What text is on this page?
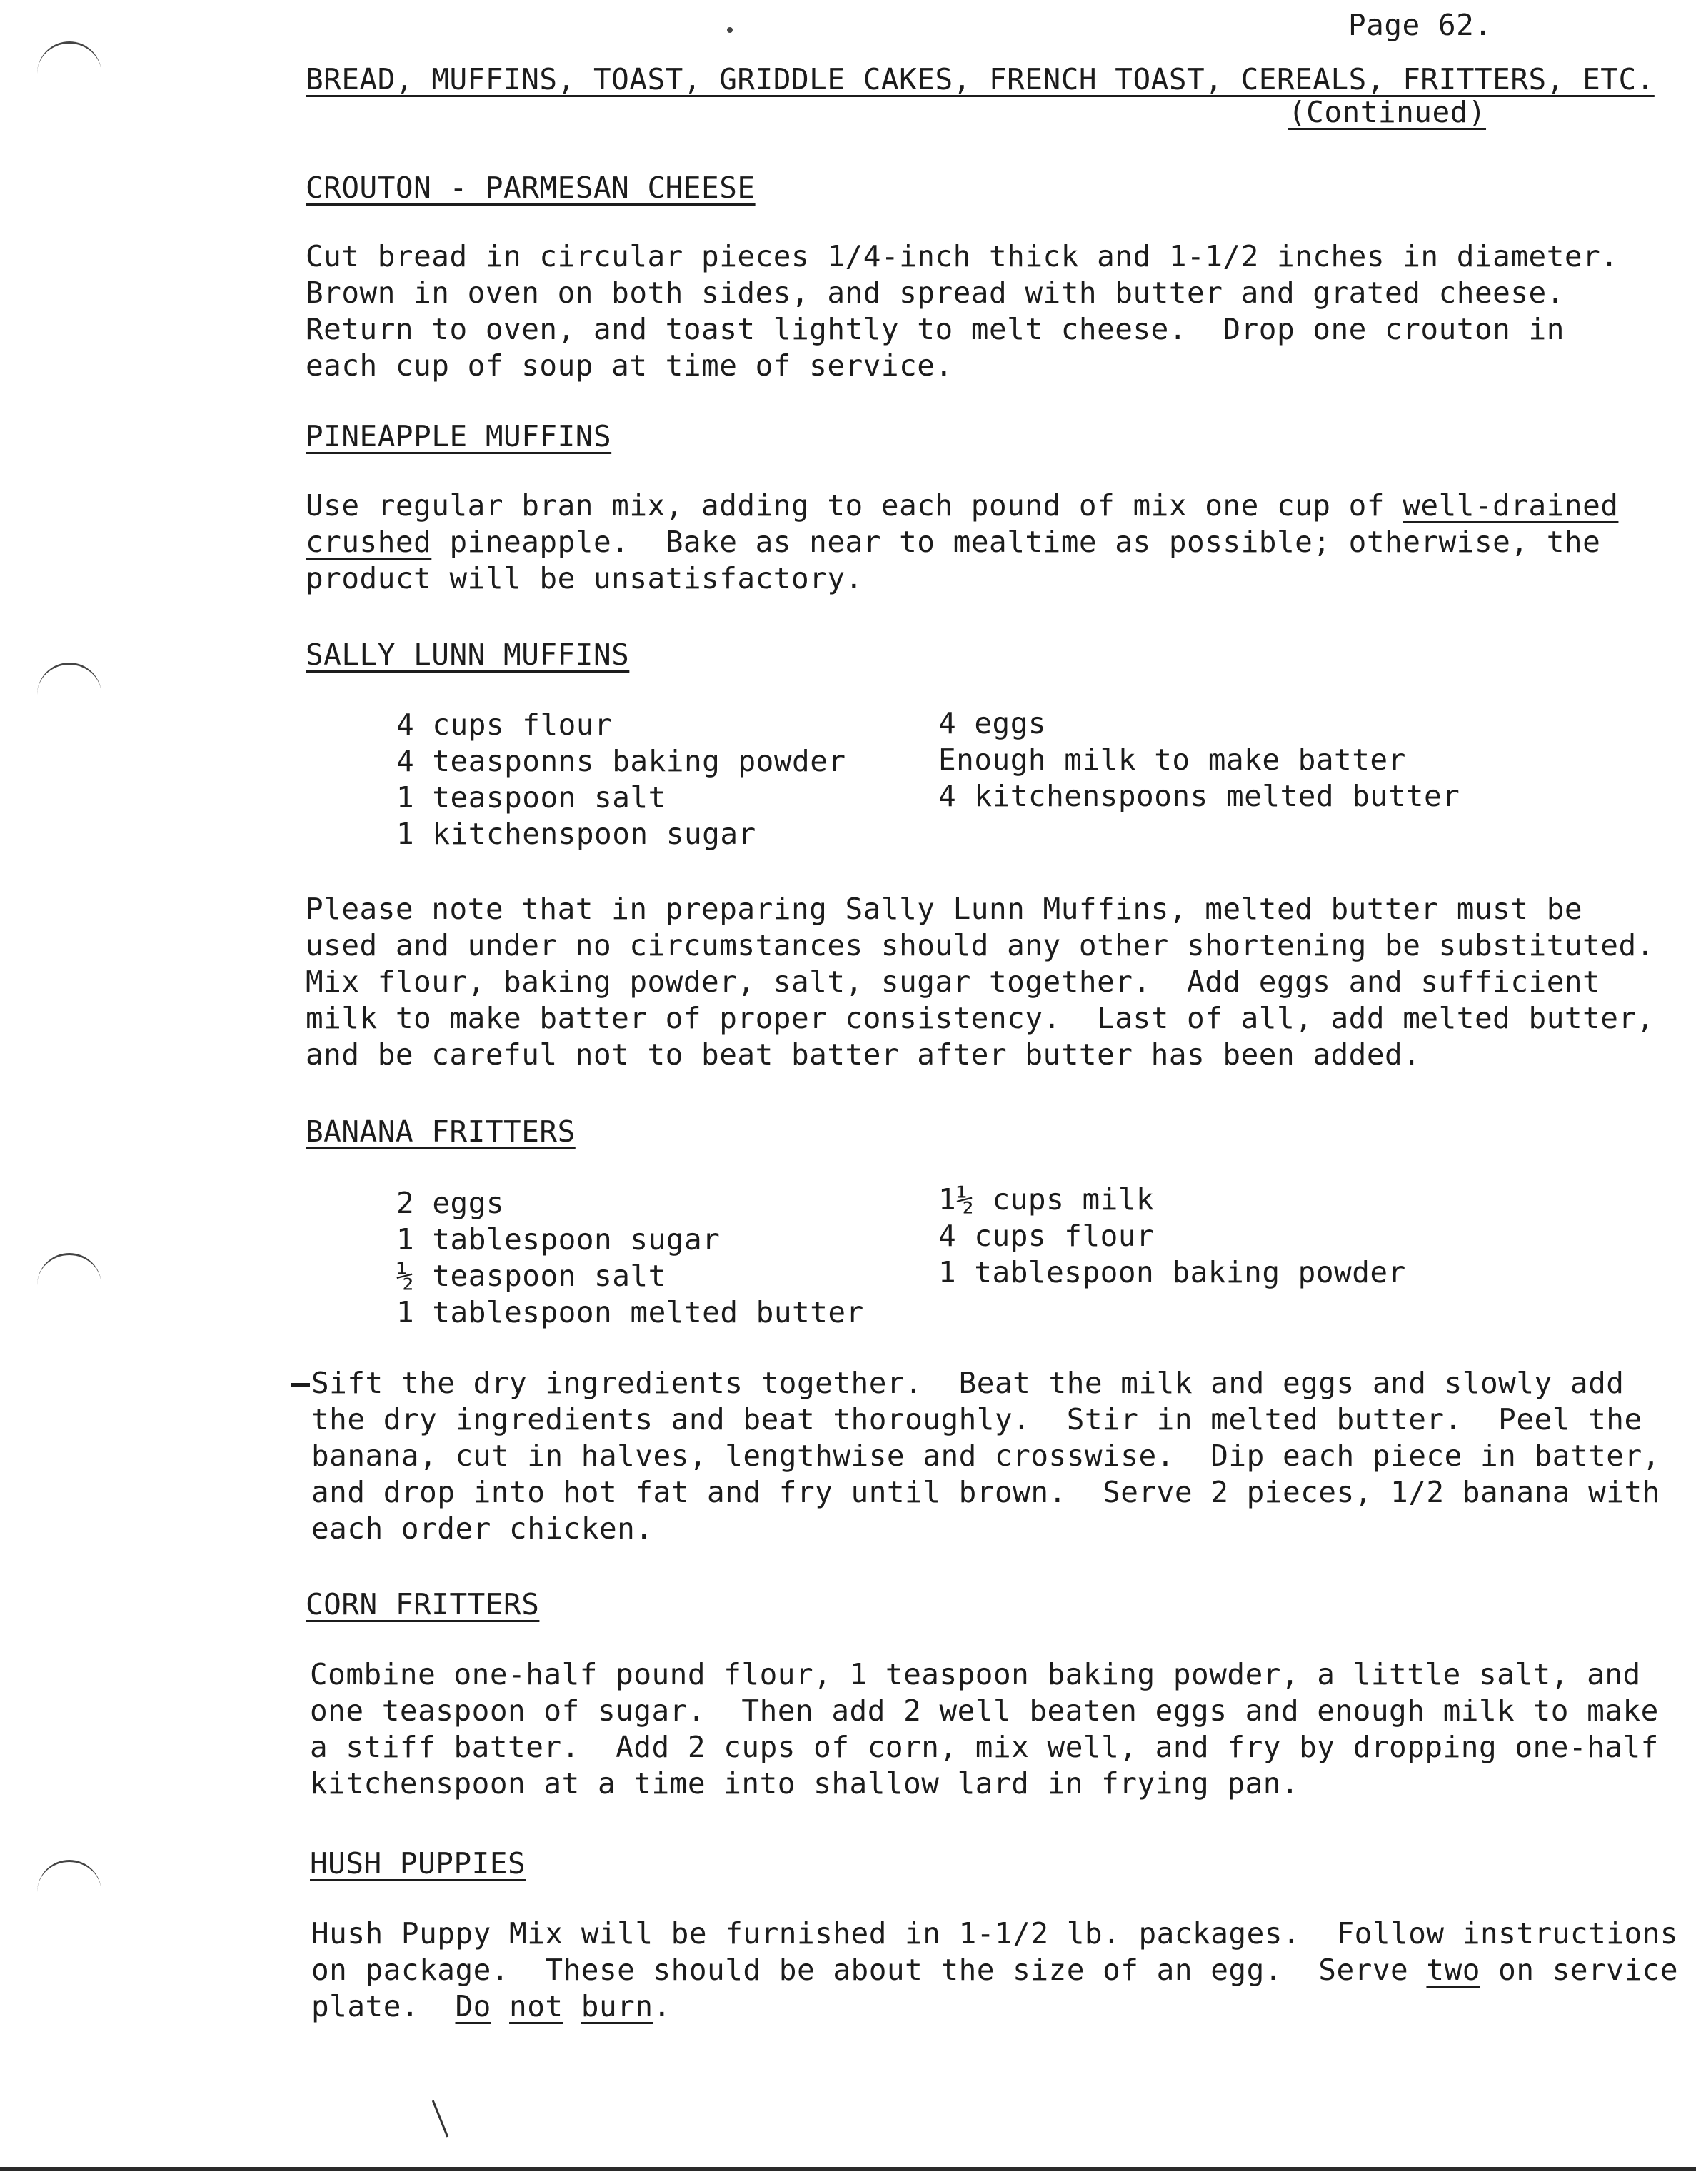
Page 62.
BREAD, MUFFINS, TOAST, GRIDDLE CAKES, FRENCH TOAST, CEREALS, FRITTERS, ETC.
(Continued)
CROUTON - PARMESAN CHEESE
Cut bread in circular pieces 1/4-inch thick and 1-1/2 inches in diameter.
Brown in oven on both sides, and spread with butter and grated cheese.
Return to oven, and toast lightly to melt cheese.  Drop one crouton in
each cup of soup at time of service.
PINEAPPLE MUFFINS
Use regular bran mix, adding to each pound of mix one cup of well-drained
crushed pineapple.  Bake as near to mealtime as possible; otherwise, the
product will be unsatisfactory.
SALLY LUNN MUFFINS
4 cups flour
4 teasponns baking powder
1 teaspoon salt
1 kitchenspoon sugar
4 eggs
Enough milk to make batter
4 kitchenspoons melted butter
Please note that in preparing Sally Lunn Muffins, melted butter must be
used and under no circumstances should any other shortening be substituted.
Mix flour, baking powder, salt, sugar together.  Add eggs and sufficient
milk to make batter of proper consistency.  Last of all, add melted butter,
and be careful not to beat batter after butter has been added.
BANANA FRITTERS
2 eggs
1 tablespoon sugar
½ teaspoon salt
1 tablespoon melted butter
1½ cups milk
4 cups flour
1 tablespoon baking powder
Sift the dry ingredients together.  Beat the milk and eggs and slowly add
the dry ingredients and beat thoroughly.  Stir in melted butter.  Peel the
banana, cut in halves, lengthwise and crosswise.  Dip each piece in batter,
and drop into hot fat and fry until brown.  Serve 2 pieces, 1/2 banana with
each order chicken.
CORN FRITTERS
Combine one-half pound flour, 1 teaspoon baking powder, a little salt, and
one teaspoon of sugar.  Then add 2 well beaten eggs and enough milk to make
a stiff batter.  Add 2 cups of corn, mix well, and fry by dropping one-half
kitchenspoon at a time into shallow lard in frying pan.
HUSH PUPPIES
Hush Puppy Mix will be furnished in 1-1/2 lb. packages.  Follow instructions
on package.  These should be about the size of an egg.  Serve two on service
plate.  Do not burn.
